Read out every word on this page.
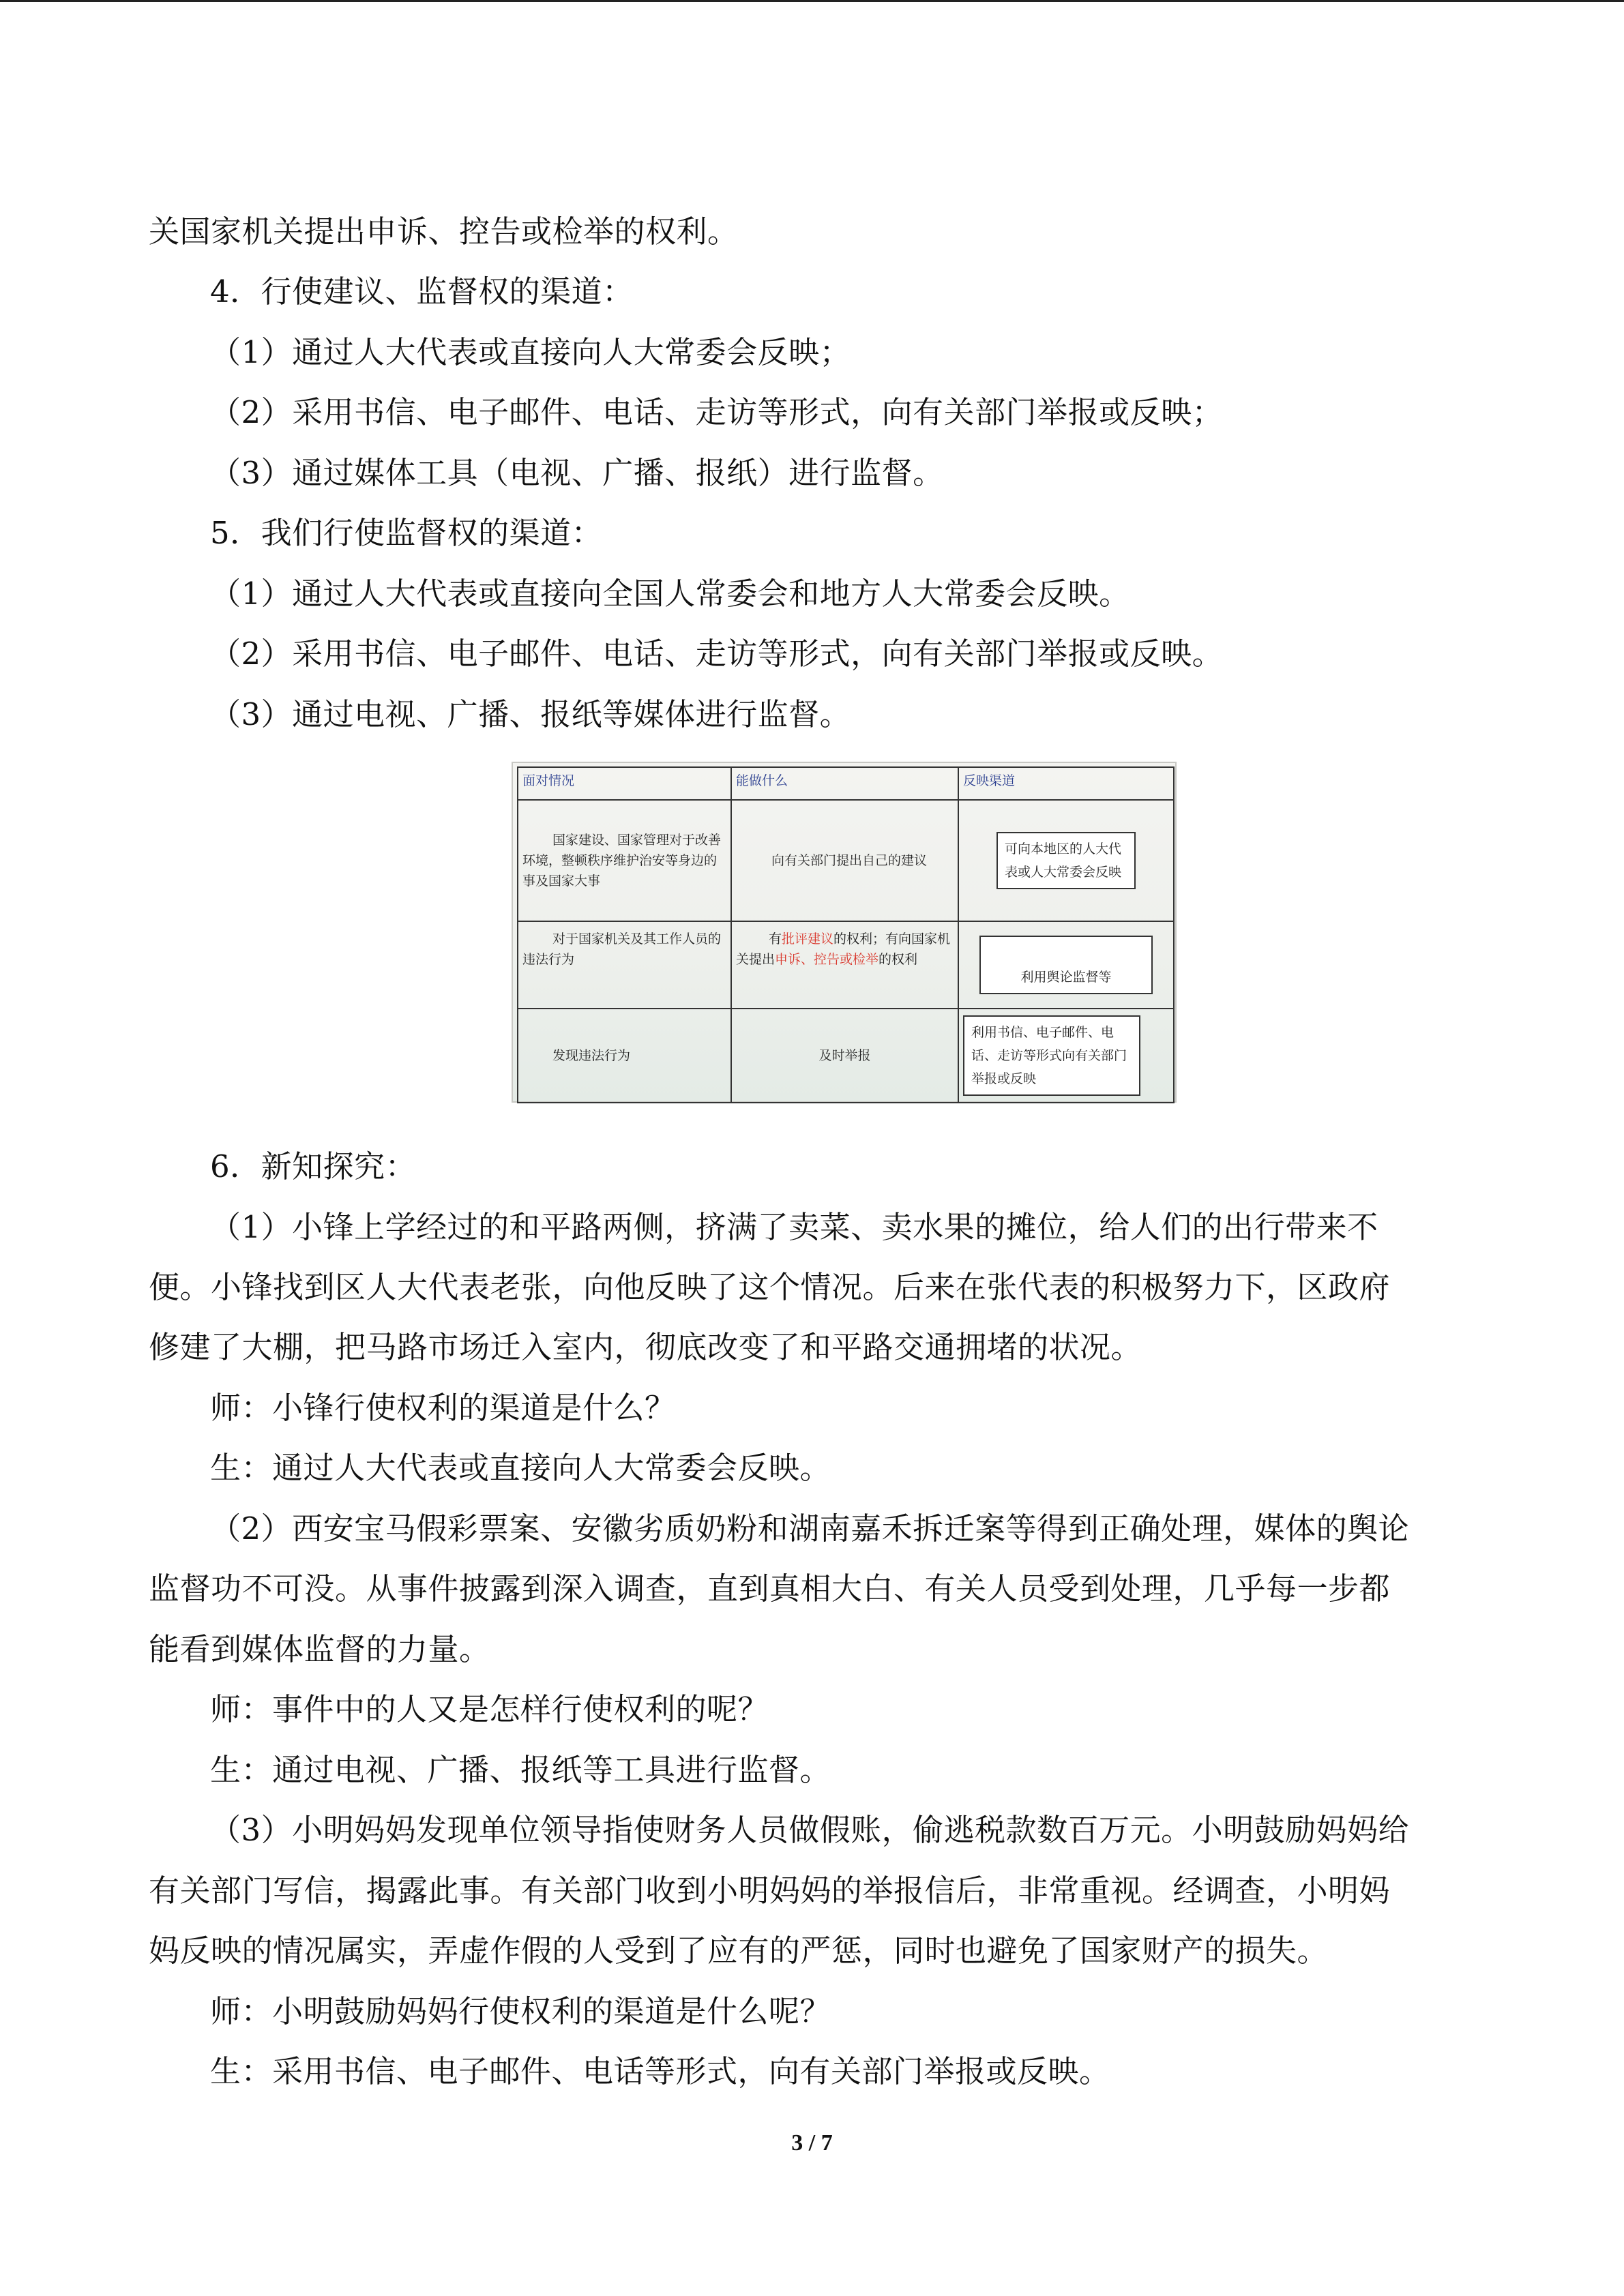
关国家机关提出申诉、控告或检举的权利。
4．行使建议、监督权的渠道：
（1）通过人大代表或直接向人大常委会反映；
（2）采用书信、电子邮件、电话、走访等形式，向有关部门举报或反映；
（3）通过媒体工具（电视、广播、报纸）进行监督。
5．我们行使监督权的渠道：
（1）通过人大代表或直接向全国人常委会和地方人大常委会反映。
（2）采用书信、电子邮件、电话、走访等形式，向有关部门举报或反映。
（3）通过电视、广播、报纸等媒体进行监督。
面对情况	能做什么	反映渠道
国家建设、国家管理对于改善环境，整顿秩序维护治安等身边的事及国家大事	向有关部门提出自己的建议	可向本地区的人大代表或人大常委会反映
对于国家机关及其工作人员的违法行为	有批评建议的权利；有向国家机关提出申诉、控告或检举的权利	利用舆论监督等
发现违法行为	及时举报	利用书信、电子邮件、电话、走访等形式向有关部门举报或反映
6．新知探究：
（1）小锋上学经过的和平路两侧，挤满了卖菜、卖水果的摊位，给人们的出行带来不
便。小锋找到区人大代表老张，向他反映了这个情况。后来在张代表的积极努力下，区政府
修建了大棚，把马路市场迁入室内，彻底改变了和平路交通拥堵的状况。
师：小锋行使权利的渠道是什么？
生：通过人大代表或直接向人大常委会反映。
（2）西安宝马假彩票案、安徽劣质奶粉和湖南嘉禾拆迁案等得到正确处理，媒体的舆论
监督功不可没。从事件披露到深入调查，直到真相大白、有关人员受到处理，几乎每一步都
能看到媒体监督的力量。
师：事件中的人又是怎样行使权利的呢？
生：通过电视、广播、报纸等工具进行监督。
（3）小明妈妈发现单位领导指使财务人员做假账，偷逃税款数百万元。小明鼓励妈妈给
有关部门写信，揭露此事。有关部门收到小明妈妈的举报信后，非常重视。经调查，小明妈
妈反映的情况属实，弄虚作假的人受到了应有的严惩，同时也避免了国家财产的损失。
师：小明鼓励妈妈行使权利的渠道是什么呢？
生：采用书信、电子邮件、电话等形式，向有关部门举报或反映。
3 / 7
